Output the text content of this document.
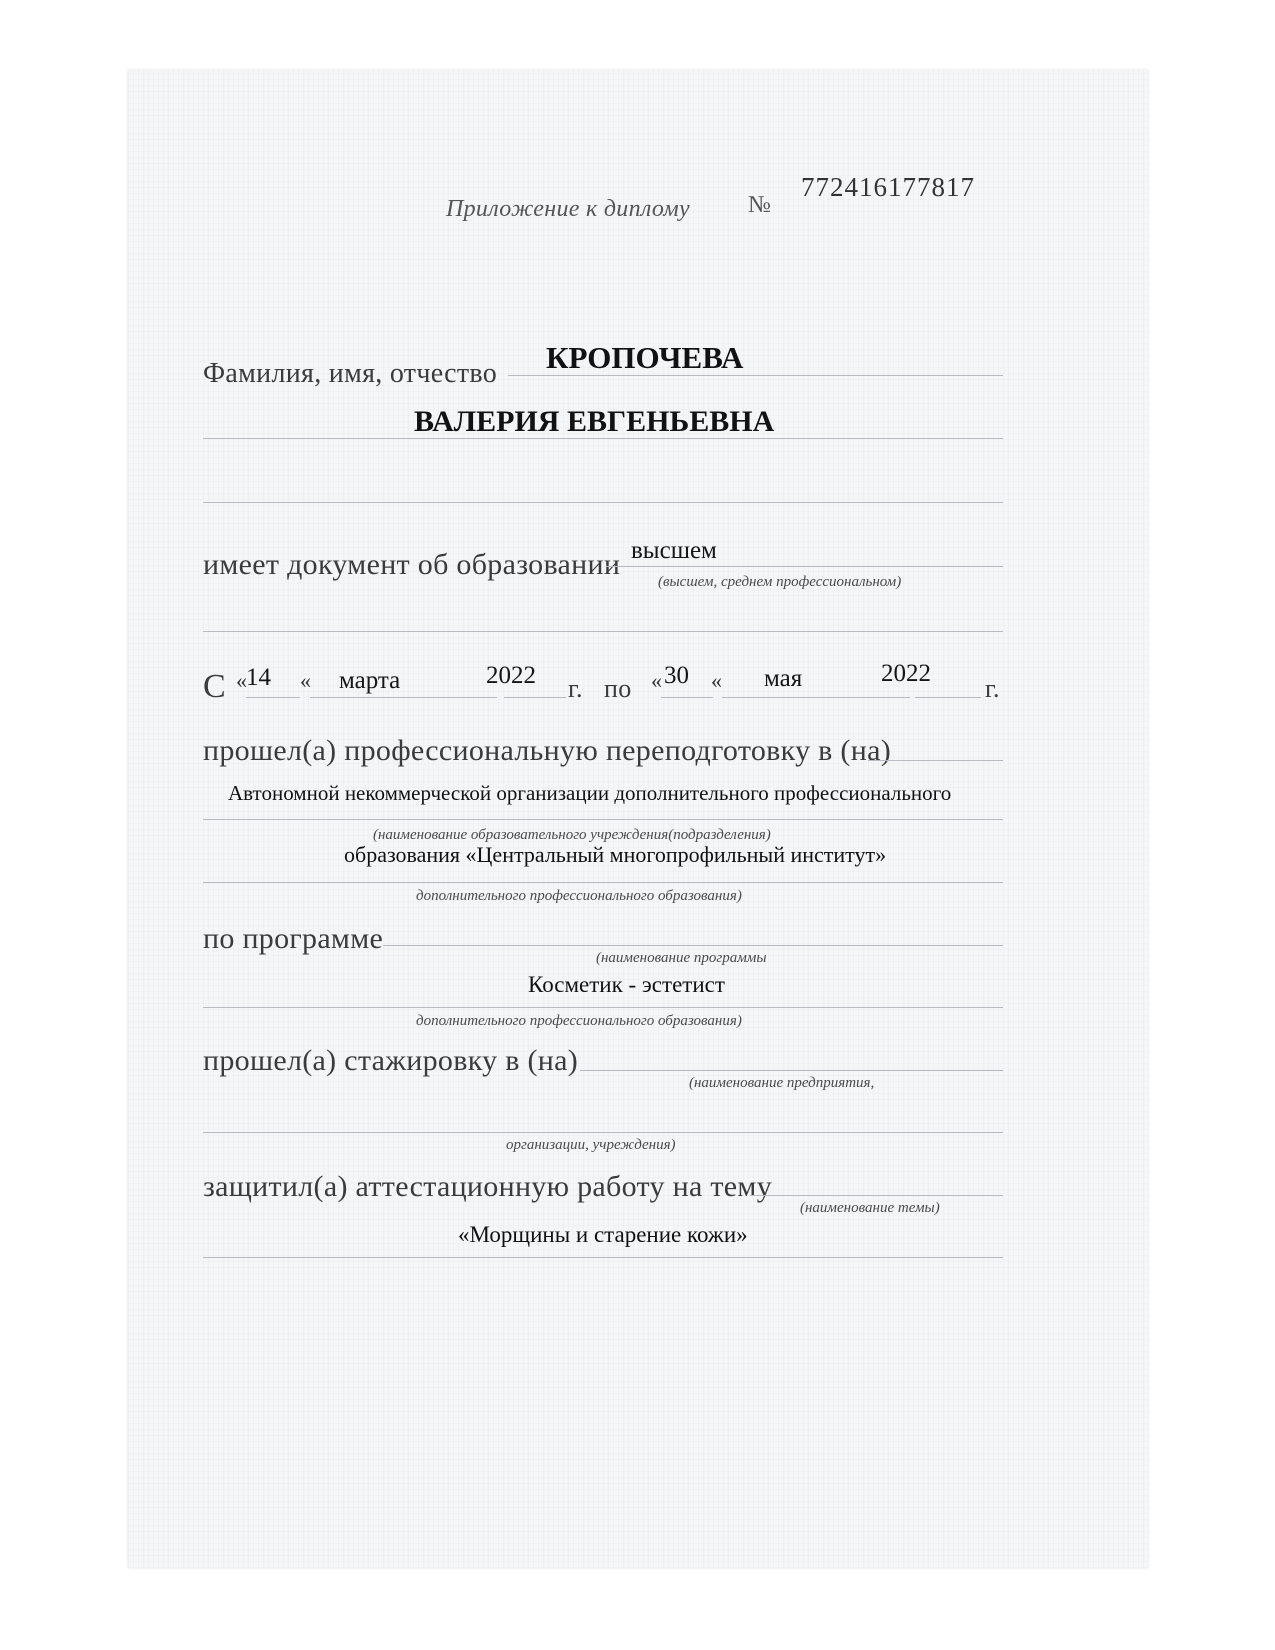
Приложение к диплому №
772416177817
Фамилия, имя, отчество КРОПОЧЕВА
ВАЛЕРИЯ ЕВГЕНЬЕВНА
имеет документ об образовании высшем
(высшем, среднем профессиональном)
С « 14 « марта	2022 г. по « 30 « мая	2022
г.
прошел(а) профессиональную переподготовку в (на)
Автономной некоммерческой организации дополнительного профессионального
(наименование образовательного учреждения(подразделения)
образования «Центральный многопрофильный институт»
дополнительного профессионального образования)
по программе
(наименование программы
Косметик - эстетист
дополнительного профессионального образования)
прошел(а) стажировку в (на)
(наименование предприятия,
организации, учреждения)
защитил(а) аттестационную работу на тему
(наименование темы)
«Морщины и старение кожи»
